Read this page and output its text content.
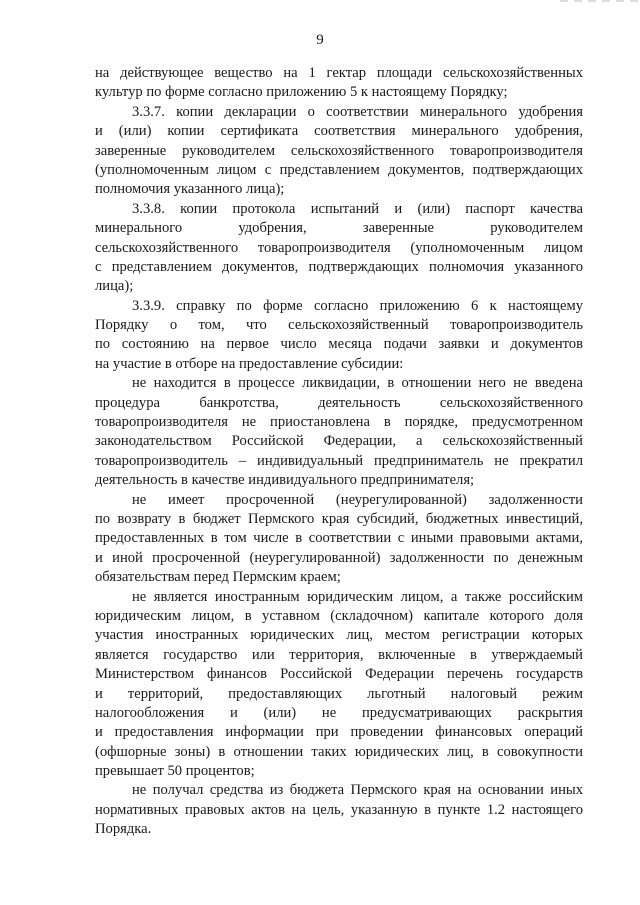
9
на действующее вещество на 1 гектар площади сельскохозяйственных
культур по форме согласно приложению 5 к настоящему Порядку;
3.3.7. копии декларации о соответствии минерального удобрения
и (или) копии сертификата соответствия минерального удобрения,
заверенные руководителем сельскохозяйственного товаропроизводителя
(уполномоченным лицом с представлением документов, подтверждающих
полномочия указанного лица);
3.3.8. копии протокола испытаний и (или) паспорт качества
минерального удобрения, заверенные руководителем
сельскохозяйственного товаропроизводителя (уполномоченным лицом
с представлением документов, подтверждающих полномочия указанного
лица);
3.3.9. справку по форме согласно приложению 6 к настоящему
Порядку о том, что сельскохозяйственный товаропроизводитель
по состоянию на первое число месяца подачи заявки и документов
на участие в отборе на предоставление субсидии:
не находится в процессе ликвидации, в отношении него не введена
процедура банкротства, деятельность сельскохозяйственного
товаропроизводителя не приостановлена в порядке, предусмотренном
законодательством Российской Федерации, а сельскохозяйственный
товаропроизводитель – индивидуальный предприниматель не прекратил
деятельность в качестве индивидуального предпринимателя;
не имеет просроченной (неурегулированной) задолженности
по возврату в бюджет Пермского края субсидий, бюджетных инвестиций,
предоставленных в том числе в соответствии с иными правовыми актами,
и иной просроченной (неурегулированной) задолженности по денежным
обязательствам перед Пермским краем;
не является иностранным юридическим лицом, а также российским
юридическим лицом, в уставном (складочном) капитале которого доля
участия иностранных юридических лиц, местом регистрации которых
является государство или территория, включенные в утверждаемый
Министерством финансов Российской Федерации перечень государств
и территорий, предоставляющих льготный налоговый режим
налогообложения и (или) не предусматривающих раскрытия
и предоставления информации при проведении финансовых операций
(офшорные зоны) в отношении таких юридических лиц, в совокупности
превышает 50 процентов;
не получал средства из бюджета Пермского края на основании иных
нормативных правовых актов на цель, указанную в пункте 1.2 настоящего
Порядка.
